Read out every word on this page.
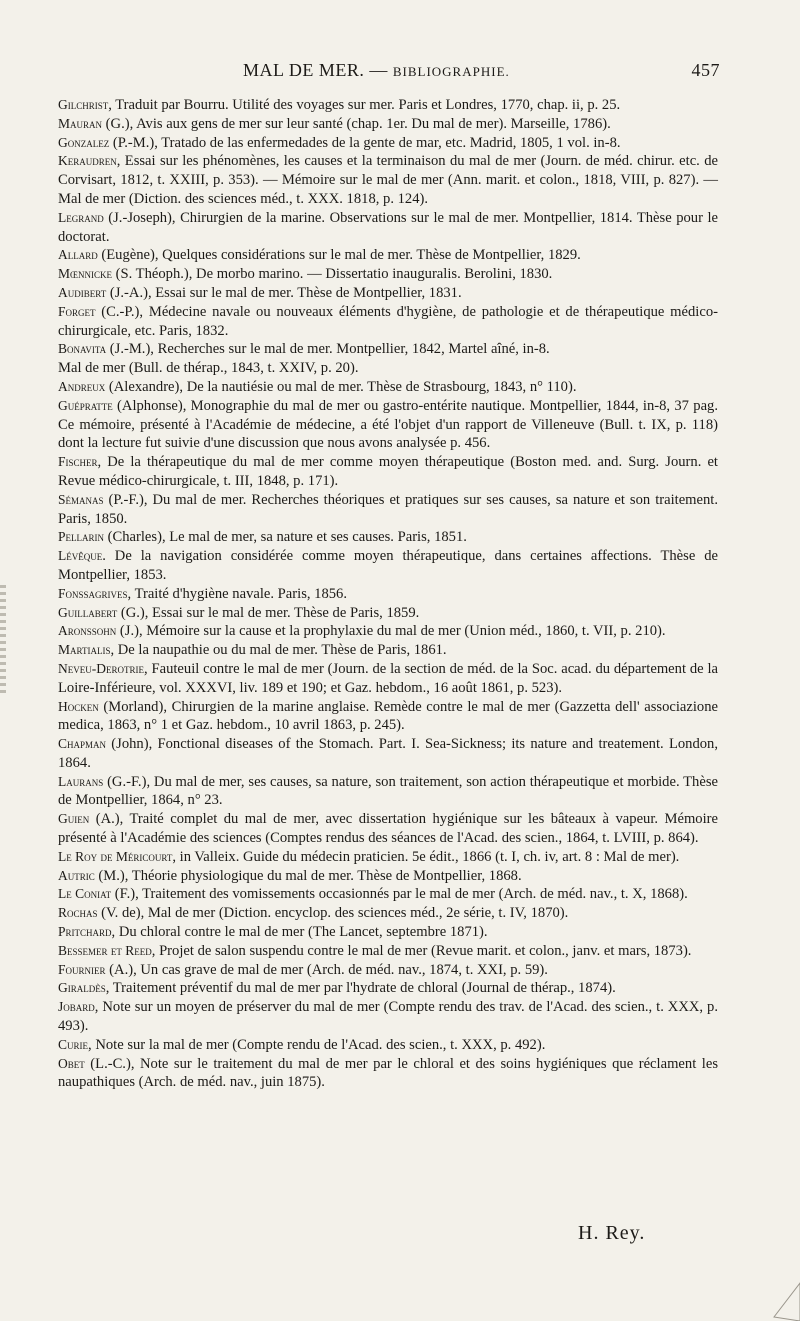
MAL DE MER. — BIBLIOGRAPHIE.	457
Gilchrist, Traduit par Bourru. Utilité des voyages sur mer. Paris et Londres, 1770, chap. ii, p. 25.
Mauran (G.), Avis aux gens de mer sur leur santé (chap. 1er. Du mal de mer). Marseille, 1786).
Gonzalez (P.-M.), Tratado de las enfermedades de la gente de mar, etc. Madrid, 1805, 1 vol. in-8.
Keraudren, Essai sur les phénomènes, les causes et la terminaison du mal de mer (Journ. de méd. chirur. etc. de Corvisart, 1812, t. XXIII, p. 353). — Mémoire sur le mal de mer (Ann. marit. et colon., 1818, VIII, p. 827). — Mal de mer (Diction. des sciences méd., t. XXX. 1818, p. 124).
Legrand (J.-Joseph), Chirurgien de la marine. Observations sur le mal de mer. Montpellier, 1814. Thèse pour le doctorat.
Allard (Eugène), Quelques considérations sur le mal de mer. Thèse de Montpellier, 1829.
Mœnnicke (S. Théoph.), De morbo marino. — Dissertatio inauguralis. Berolini, 1830.
Audibert (J.-A.), Essai sur le mal de mer. Thèse de Montpellier, 1831.
Forget (C.-P.), Médecine navale ou nouveaux éléments d'hygiène, de pathologie et de thérapeutique médico-chirurgicale, etc. Paris, 1832.
Bonavita (J.-M.), Recherches sur le mal de mer. Montpellier, 1842, Martel aîné, in-8.
Mal de mer (Bull. de thérap., 1843, t. XXIV, p. 20).
Andreux (Alexandre), De la nautiésie ou mal de mer. Thèse de Strasbourg, 1843, n° 110).
Guépratte (Alphonse), Monographie du mal de mer ou gastro-entérite nautique. Montpellier, 1844, in-8, 37 pag. Ce mémoire, présenté à l'Académie de médecine, a été l'objet d'un rapport de Villeneuve (Bull. t. IX, p. 118) dont la lecture fut suivie d'une discussion que nous avons analysée p. 456.
Fischer, De la thérapeutique du mal de mer comme moyen thérapeutique (Boston med. and. Surg. Journ. et Revue médico-chirurgicale, t. III, 1848, p. 171).
Sémanas (P.-F.), Du mal de mer. Recherches théoriques et pratiques sur ses causes, sa nature et son traitement. Paris, 1850.
Pellarin (Charles), Le mal de mer, sa nature et ses causes. Paris, 1851.
Lévêque. De la navigation considérée comme moyen thérapeutique, dans certaines affections. Thèse de Montpellier, 1853.
Fonssagrives, Traité d'hygiène navale. Paris, 1856.
Guillabert (G.), Essai sur le mal de mer. Thèse de Paris, 1859.
Aronssohn (J.), Mémoire sur la cause et la prophylaxie du mal de mer (Union méd., 1860, t. VII, p. 210).
Martialis, De la naupathie ou du mal de mer. Thèse de Paris, 1861.
Neveu-Derotrie, Fauteuil contre le mal de mer (Journ. de la section de méd. de la Soc. acad. du département de la Loire-Inférieure, vol. XXXVI, liv. 189 et 190; et Gaz. hebdom., 16 août 1861, p. 523).
Hocken (Morland), Chirurgien de la marine anglaise. Remède contre le mal de mer (Gazzetta dell' associazione medica, 1863, n° 1 et Gaz. hebdom., 10 avril 1863, p. 245).
Chapman (John), Fonctional diseases of the Stomach. Part. I. Sea-Sickness; its nature and treatement. London, 1864.
Laurans (G.-F.), Du mal de mer, ses causes, sa nature, son traitement, son action thérapeutique et morbide. Thèse de Montpellier, 1864, n° 23.
Guien (A.), Traité complet du mal de mer, avec dissertation hygiénique sur les bâteaux à vapeur. Mémoire présenté à l'Académie des sciences (Comptes rendus des séances de l'Acad. des scien., 1864, t. LVIII, p. 864).
Le Roy de Méricourt, in Valleix. Guide du médecin praticien. 5e édit., 1866 (t. I, ch. iv, art. 8 : Mal de mer).
Autric (M.), Théorie physiologique du mal de mer. Thèse de Montpellier, 1868.
Le Coniat (F.), Traitement des vomissements occasionnés par le mal de mer (Arch. de méd. nav., t. X, 1868).
Rochas (V. de), Mal de mer (Diction. encyclop. des sciences méd., 2e série, t. IV, 1870).
Pritchard, Du chloral contre le mal de mer (The Lancet, septembre 1871).
Bessemer et Reed, Projet de salon suspendu contre le mal de mer (Revue marit. et colon., janv. et mars, 1873).
Fournier (A.), Un cas grave de mal de mer (Arch. de méd. nav., 1874, t. XXI, p. 59).
Giraldès, Traitement préventif du mal de mer par l'hydrate de chloral (Journal de thérap., 1874).
Jobard, Note sur un moyen de préserver du mal de mer (Compte rendu des trav. de l'Acad. des scien., t. XXX, p. 493).
Curie, Note sur la mal de mer (Compte rendu de l'Acad. des scien., t. XXX, p. 492).
Obet (L.-C.), Note sur le traitement du mal de mer par le chloral et des soins hygiéniques que réclament les naupathiques (Arch. de méd. nav., juin 1875).
H. Rey.
